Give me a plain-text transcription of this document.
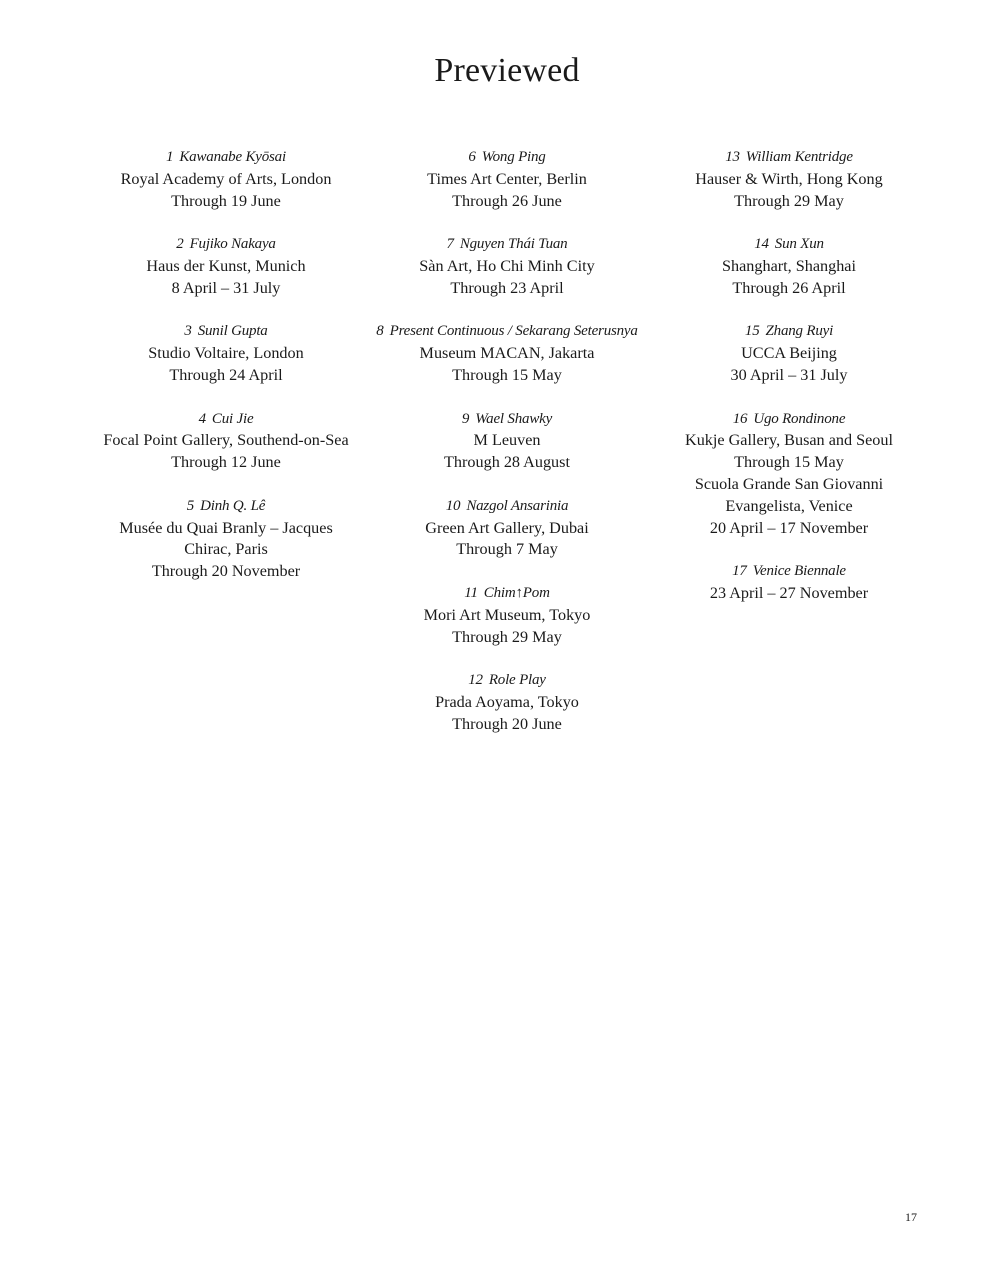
Previewed
1 Kawanabe Kyōsai
Royal Academy of Arts, London
Through 19 June
2 Fujiko Nakaya
Haus der Kunst, Munich
8 April – 31 July
3 Sunil Gupta
Studio Voltaire, London
Through 24 April
4 Cui Jie
Focal Point Gallery, Southend-on-Sea
Through 12 June
5 Dinh Q. Lê
Musée du Quai Branly – Jacques
Chirac, Paris
Through 20 November
6 Wong Ping
Times Art Center, Berlin
Through 26 June
7 Nguyen Thái Tuan
Sàn Art, Ho Chi Minh City
Through 23 April
8 Present Continuous / Sekarang Seterusnya
Museum MACAN, Jakarta
Through 15 May
9 Wael Shawky
M Leuven
Through 28 August
10 Nazgol Ansarinia
Green Art Gallery, Dubai
Through 7 May
11 Chim↑Pom
Mori Art Museum, Tokyo
Through 29 May
12 Role Play
Prada Aoyama, Tokyo
Through 20 June
13 William Kentridge
Hauser & Wirth, Hong Kong
Through 29 May
14 Sun Xun
Shanghart, Shanghai
Through 26 April
15 Zhang Ruyi
UCCA Beijing
30 April – 31 July
16 Ugo Rondinone
Kukje Gallery, Busan and Seoul
Through 15 May
Scuola Grande San Giovanni
Evangelista, Venice
20 April – 17 November
17 Venice Biennale
23 April – 27 November
17
